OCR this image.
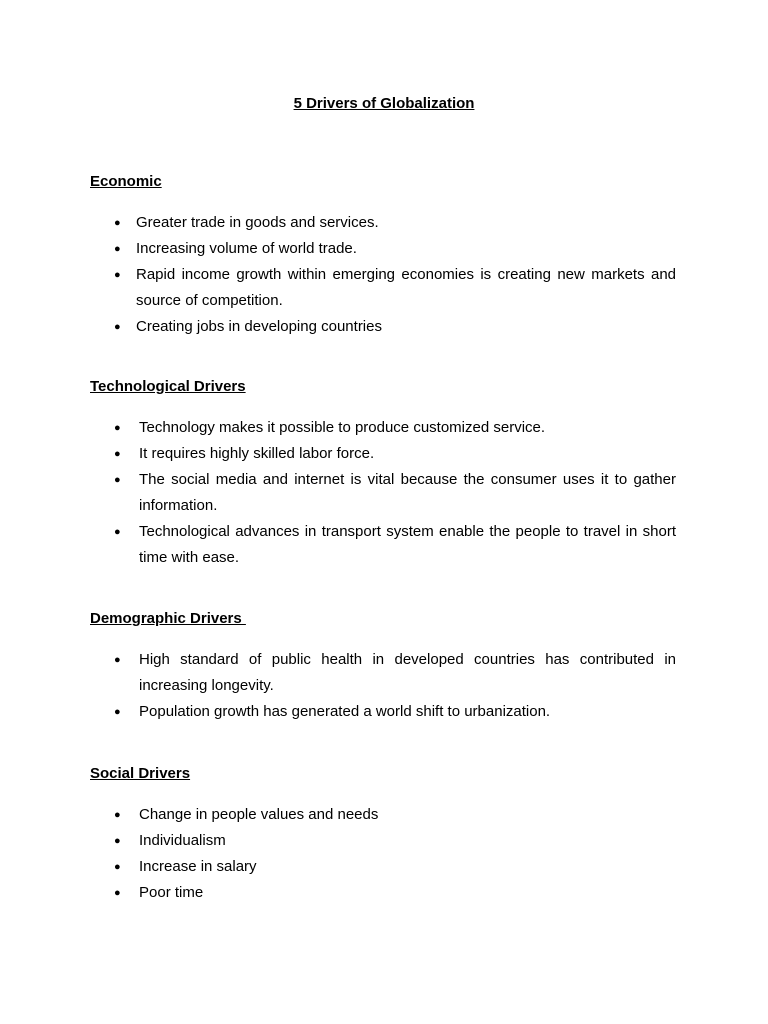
5 Drivers of Globalization
Economic
● Greater trade in goods and services.
● Increasing volume of world trade.
● Rapid income growth within emerging economies is creating new markets and source of competition.
● Creating jobs in developing countries
Technological Drivers
● Technology makes it possible to produce customized service.
● It requires highly skilled labor force.
● The social media and internet is vital because the consumer uses it to gather information.
● Technological advances in transport system enable the people to travel in short time with ease.
Demographic Drivers
● High standard of public health in developed countries has contributed in increasing longevity.
● Population growth has generated a world shift to urbanization.
Social Drivers
● Change in people values and needs
● Individualism
● Increase in salary
● Poor time
